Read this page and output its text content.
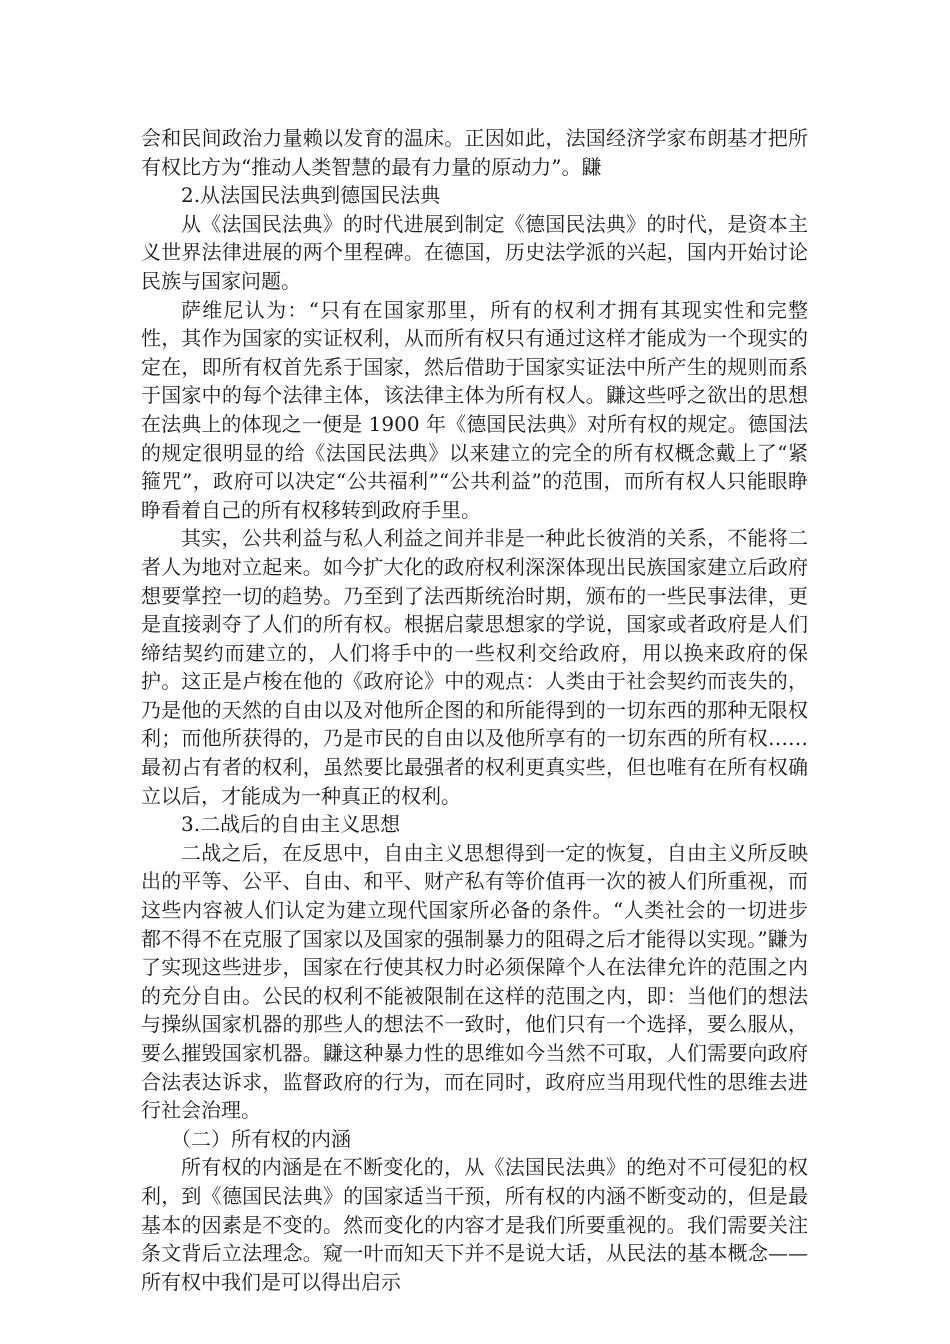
会和民间政治力量赖以发育的温床。正因如此，法国经济学家布朗基才把所有权比方为“推动人类智慧的最有力量的原动力”。鼸

2.从法国民法典到德国民法典

从《法国民法典》的时代进展到制定《德国民法典》的时代，是资本主义世界法律进展的两个里程碑。在德国，历史法学派的兴起，国内开始讨论民族与国家问题。

萨维尼认为：“只有在国家那里，所有的权利才拥有其现实性和完整性，其作为国家的实证权利，从而所有权只有通过这样才能成为一个现实的定在，即所有权首先系于国家，然后借助于国家实证法中所产生的规则而系于国家中的每个法律主体，该法律主体为所有权人。鼸这些呼之欲出的思想在法典上的体现之一便是 1900 年《德国民法典》对所有权的规定。德国法的规定很明显的给《法国民法典》以来建立的完全的所有权概念戴上了“紧箍咒”，政府可以决定“公共福利”“公共利益”的范围，而所有权人只能眼睁睁看着自己的所有权移转到政府手里。

其实，公共利益与私人利益之间并非是一种此长彼消的关系，不能将二者人为地对立起来。如今扩大化的政府权利深深体现出民族国家建立后政府想要掌控一切的趋势。乃至到了法西斯统治时期，颁布的一些民事法律，更是直接剥夺了人们的所有权。根据启蒙思想家的学说，国家或者政府是人们缔结契约而建立的，人们将手中的一些权利交给政府，用以换来政府的保护。这正是卢梭在他的《政府论》中的观点：人类由于社会契约而丧失的，乃是他的天然的自由以及对他所企图的和所能得到的一切东西的那种无限权利；而他所获得的，乃是市民的自由以及他所享有的一切东西的所有权……最初占有者的权利，虽然要比最强者的权利更真实些，但也唯有在所有权确立以后，才能成为一种真正的权利。

3.二战后的自由主义思想

二战之后，在反思中，自由主义思想得到一定的恢复，自由主义所反映出的平等、公平、自由、和平、财产私有等价值再一次的被人们所重视，而这些内容被人们认定为建立现代国家所必备的条件。“人类社会的一切进步都不得不在克服了国家以及国家的强制暴力的阻碍之后才能得以实现。”鼸为了实现这些进步，国家在行使其权力时必须保障个人在法律允许的范围之内的充分自由。公民的权利不能被限制在这样的范围之内，即：当他们的想法与操纵国家机器的那些人的想法不一致时，他们只有一个选择，要么服从，要么摧毁国家机器。鼸这种暴力性的思维如今当然不可取，人们需要向政府合法表达诉求，监督政府的行为，而在同时，政府应当用现代性的思维去进行社会治理。

（二）所有权的内涵

所有权的内涵是在不断变化的，从《法国民法典》的绝对不可侵犯的权利，到《德国民法典》的国家适当干预，所有权的内涵不断变动的，但是最基本的因素是不变的。然而变化的内容才是我们所要重视的。我们需要关注条文背后立法理念。窥一叶而知天下并不是说大话，从民法的基本概念——所有权中我们是可以得出启示
